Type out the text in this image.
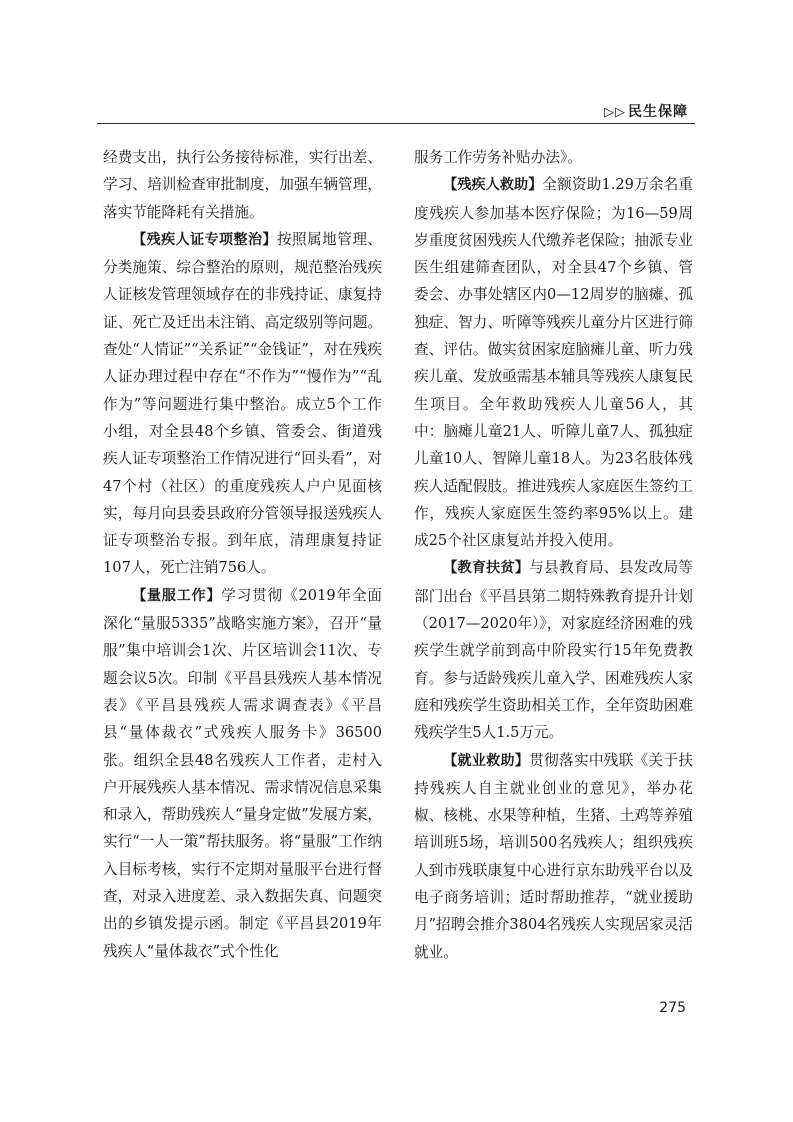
▷▷ 民生保障

经费支出，执行公务接待标准，实行出差、学习、培训检查审批制度，加强车辆管理，落实节能降耗有关措施。

【残疾人证专项整治】按照属地管理、分类施策、综合整治的原则，规范整治残疾人证核发管理领域存在的非残持证、康复持证、死亡及迁出未注销、高定级别等问题。查处“人情证”“关系证”“金钱证”，对在残疾人证办理过程中存在“不作为”“慢作为”“乱作为”等问题进行集中整治。成立5个工作小组，对全县48个乡镇、管委会、街道残疾人证专项整治工作情况进行“回头看”，对47个村（社区）的重度残疾人户户见面核实，每月向县委县政府分管领导报送残疾人证专项整治专报。到年底，清理康复持证107人，死亡注销756人。

【量服工作】学习贯彻《2019年全面深化“量服5335”战略实施方案》，召开“量服”集中培训会1次、片区培训会11次、专题会议5次。印制《平昌县残疾人基本情况表》《平昌县残疾人需求调查表》《平昌县“量体裁衣”式残疾人服务卡》36500张。组织全县48名残疾人工作者，走村入户开展残疾人基本情况、需求情况信息采集和录入，帮助残疾人“量身定做”发展方案，实行“一人一策”帮扶服务。将“量服”工作纳入目标考核，实行不定期对量服平台进行督查，对录入进度差、录入数据失真、问题突出的乡镇发提示函。制定《平昌县2019年残疾人“量体裁衣”式个性化

服务工作劳务补贴办法》。

【残疾人救助】全额资助1.29万余名重度残疾人参加基本医疗保险；为16—59周岁重度贫困残疾人代缴养老保险；抽派专业医生组建筛查团队，对全县47个乡镇、管委会、办事处辖区内0—12周岁的脑瘫、孤独症、智力、听障等残疾儿童分片区进行筛查、评估。做实贫困家庭脑瘫儿童、听力残疾儿童、发放亟需基本辅具等残疾人康复民生项目。全年救助残疾人儿童56人，其中：脑瘫儿童21人、听障儿童7人、孤独症儿童10人、智障儿童18人。为23名肢体残疾人适配假肢。推进残疾人家庭医生签约工作，残疾人家庭医生签约率95%以上。建成25个社区康复站并投入使用。

【教育扶贫】与县教育局、县发改局等部门出台《平昌县第二期特殊教育提升计划（2017—2020年）》，对家庭经济困难的残疾学生就学前到高中阶段实行15年免费教育。参与适龄残疾儿童入学、困难残疾人家庭和残疾学生资助相关工作，全年资助困难残疾学生5人1.5万元。

【就业救助】贯彻落实中残联《关于扶持残疾人自主就业创业的意见》，举办花椒、核桃、水果等种植，生猪、土鸡等养殖培训班5场，培训500名残疾人；组织残疾人到市残联康复中心进行京东助残平台以及电子商务培训；适时帮助推荐，“就业援助月”招聘会推介3804名残疾人实现居家灵活就业。

275
